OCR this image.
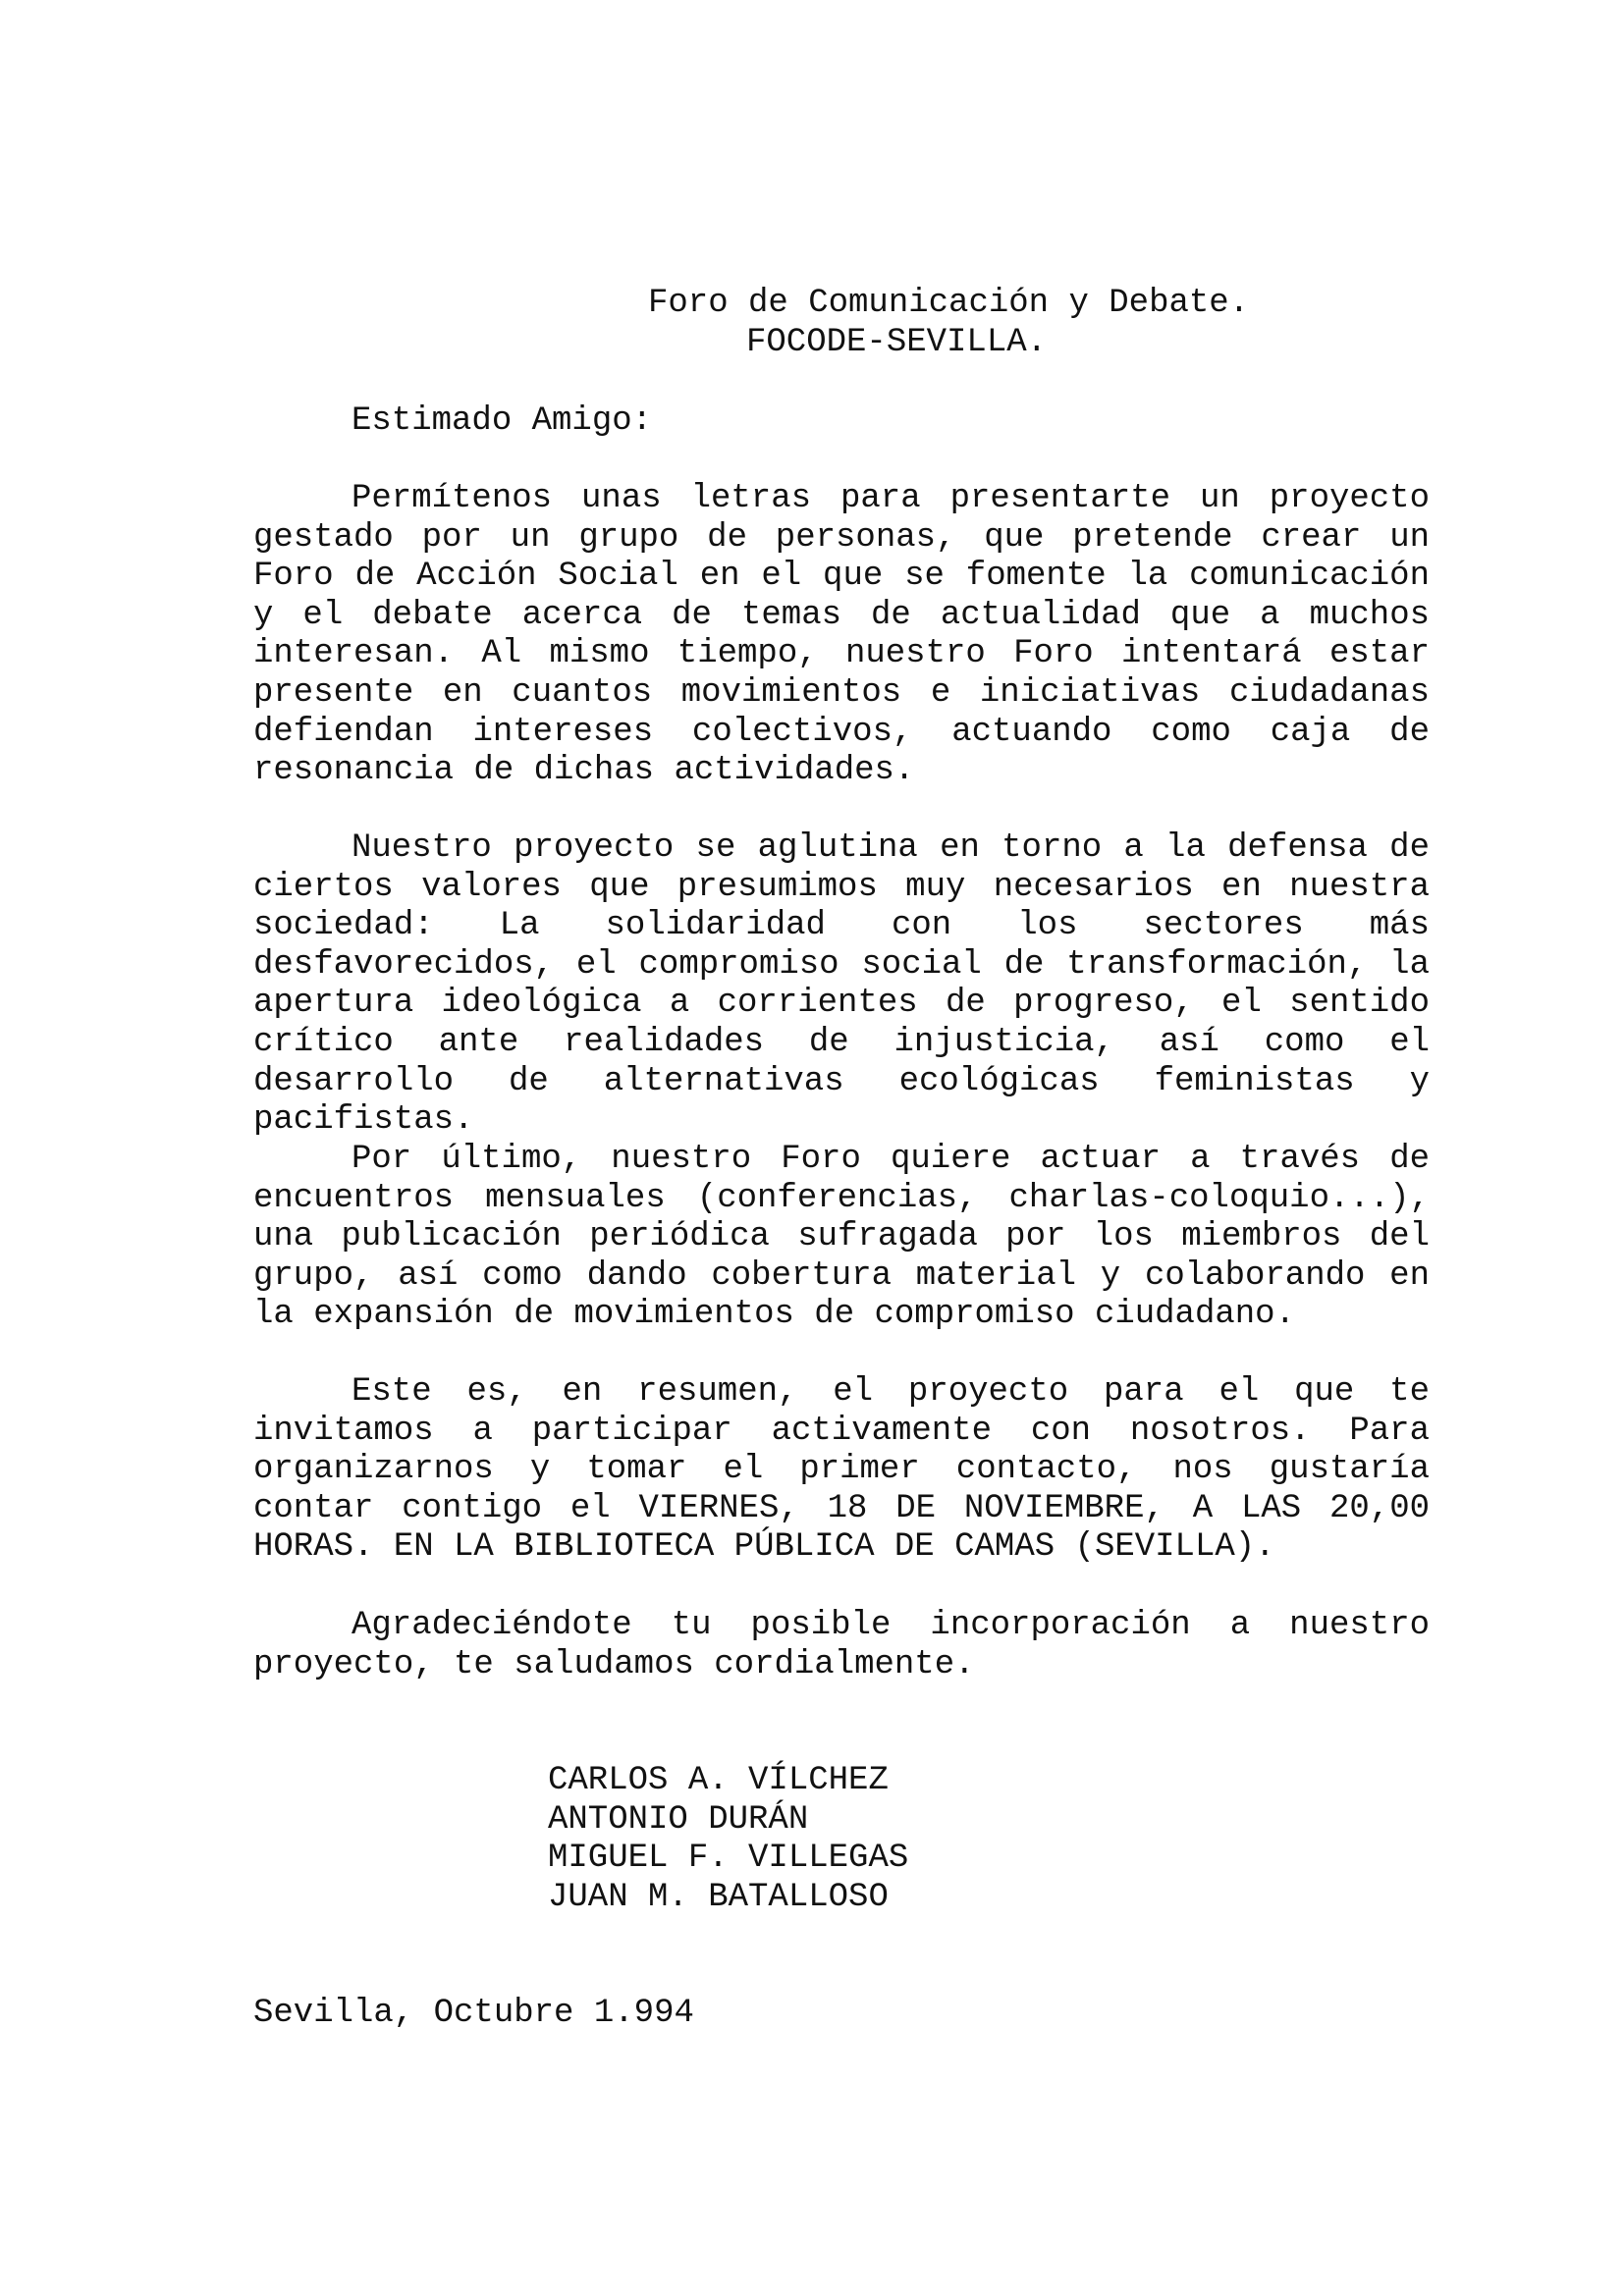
Foro de Comunicación y Debate.
FOCODE-SEVILLA.
Estimado Amigo:

Permítenos unas letras para presentarte un proyecto gestado por un grupo de personas, que pretende crear un Foro de Acción Social en el que se fomente la comunicación y el debate acerca de temas de actualidad que a muchos interesan. Al mismo tiempo, nuestro Foro intentará estar presente en cuantos movimientos e iniciativas ciudadanas defiendan intereses colectivos, actuando como caja de resonancia de dichas actividades.

Nuestro proyecto se aglutina en torno a la defensa de ciertos valores que presumimos muy necesarios en nuestra sociedad: La solidaridad con los sectores más desfavorecidos, el compromiso social de transformación, la apertura ideológica a corrientes de progreso, el sentido crítico ante realidades de injusticia, así como el desarrollo de alternativas ecológicas feministas y pacifistas.

Por último, nuestro Foro quiere actuar a través de encuentros mensuales (conferencias, charlas-coloquio...), una publicación periódica sufragada por los miembros del grupo, así como dando cobertura material y colaborando en la expansión de movimientos de compromiso ciudadano.

Este es, en resumen, el proyecto para el que te invitamos a participar activamente con nosotros. Para organizarnos y tomar el primer contacto, nos gustaría contar contigo el VIERNES, 18 DE NOVIEMBRE, A LAS 20,00 HORAS. EN LA BIBLIOTECA PÚBLICA DE CAMAS (SEVILLA).

Agradeciéndote tu posible incorporación a nuestro proyecto, te saludamos cordialmente.

CARLOS A. VÍLCHEZ
ANTONIO DURÁN
MIGUEL F. VILLEGAS
JUAN M. BATALLOSO
Sevilla, Octubre 1.994
